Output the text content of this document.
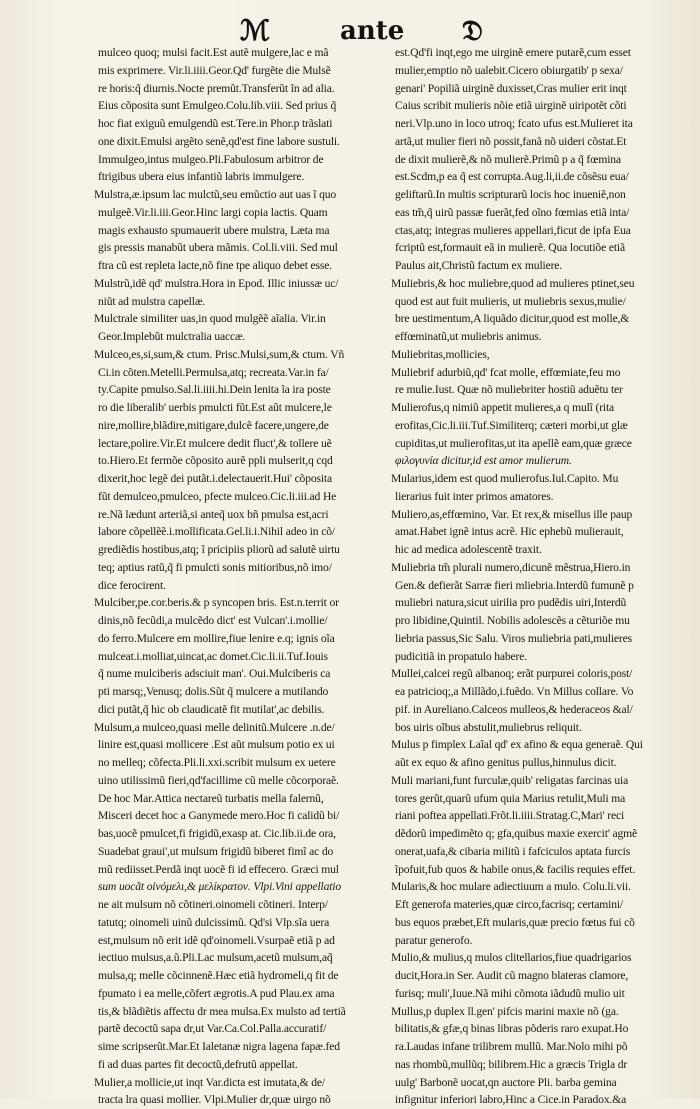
ℳ	ante 𝔇
mulceo quoq; mulsi facit.Est autẽ mulgere,lac e mã
mis exprimere. Vir.li.iiii.Geor.Qd' furgẽte die Mulsẽ
re horis:q̃ diurnis.Nocte premũt.Transferũt ĩn ad alia.
Eius cõposita sunt Emulgeo.Colu.lib.viii. Sed prius q̃
hoc fiat exiguũ emulgendũ est.Tere.in Phor.p trãslati
one dixit.Emulsi argẽto senẽ,qd'est fine labore sustuli.
Immulgeo,intus mulgeo.Pli.Fabulosum arbitror de
ftrigibus ubera eius infantiũ labris immulgere.
Mulstra,æ.ipsum lac mulctũ,seu emũctio aut uas ĩ quo
mulgeẽ.Vir.li.iii.Geor.Hinc largi copia lactis. Quam
magis exhausto spumauerit ubere mulstra, Læta ma
gis pressis manabũt ubera mãmis. Col.li.viii. Sed mul
ftra cũ est repleta lacte,nõ fine tpe aliquo debet esse.
Mulstrũ,idẽ qd' mulstra.Hora in Epod. Illic iniussæ uc/
niũt ad mulstra capellæ.
Mulctrale similiter uas,in quod mulgẽẽ aĩalia. Vir.in
Geor.Implebũt mulctralia uaccæ.
Mulceo,es,si,sum,& ctum. Prisc.Mulsi,sum,& ctum. Vñ
Ci.in cõten.Metelli.Permulsa,atq; recreata.Var.in fa/
ty.Capite pmulso.Sal.li.iiii.hi.Dein lenita ĩa ira poste
ro die liberalib' uerbis pmulcti fũt.Est aũt mulcere,le
nire,mollire,blãdire,mitigare,dulcẽ facere,ungere,de
lectare,polire.Vir.Et mulcere dedit fluct',& tollere uẽ
to.Hiero.Et fermõe cõposito aurẽ ppli mulserit,q cqd
dixerit,hoc legẽ dei putãt.i.delectauerit.Hui' cõposita
fũt demulceo,pmulceo, pfecte mulceo.Cic.li.iii.ad He
re.Nã lædunt arteriã,si anteq̃ uox bñ pmulsa est,acri
labore cõpellẽẽ.i.mollificata.Gel.li.i.Nihil adeo in cõ/
grediẽdis hostibus,atq; ĩ pricipiis pliorũ ad salutẽ uirtu
teq; aptius ratũ,q̃ fi pmulcti sonis mitioribus,nõ imo/
dice ferocirent.
Mulciber,pe.cor.beris.& p syncopen bris. Est.n.territ or
dinis,nõ fecũdi,a mulcẽdo dict' est Vulcan'.i.mollie/
do ferro.Mulcere em mollire,fiue lenire e.q; ignis oĩa
mulceat.i.molliat,uincat,ac domet.Cic.li.ii.Tuf.Iouis
q̃ nume mulciberis adsciuit man'. Oui.Mulciberis ca
pti marsq;,Venusq; dolis.Sũt q̃ mulcere a mutilando
dici putãt,q̃ hic ob claudicatẽ fit mutilat',ac debilis.
Mulsum,a mulceo,quasi melle delinitũ.Mulcere .n.de/
linire est,quasi mollicere .Est aũt mulsum potio ex ui
no melleq; cõfecta.Pli.li.xxi.scribit mulsum ex uetere
uino utilissimũ fieri,qd'facillime cũ melle cõcorporaẽ.
De hoc Mar.Attica nectareũ turbatis mella falernũ,
Misceri decet hoc a Ganymede mero.Hoc fi calidũ bi/
bas,uocẽ pmulcet,fi frigidũ,exasp at. Cic.lib.ii.de ora,
Suadebat graui',ut mulsum frigidũ biberet fimĩ ac do
mũ rediisset.Perdã inqt uocẽ fi id effecero. Græci mul
sum uocãt οἰνόμελι,& μελίκρατον. Vlpi.Vini appellatio
ne ait mulsum nõ cõtineri.oinomeli cõtineri. Interp/
tatutq; oinomeli uinũ dulcissimũ. Qd'si Vlp.sĩa uera
est,mulsum nõ erit idẽ qd'oinomeli.Vsurpaẽ etiã p ad
iectiuo mulsus,a.ũ.Pli.Lac mulsum,acetũ mulsum,aq̃
mulsa,q; melle cõcinnenẽ.Hæc etiã hydromeli,q fit de
fpumato i ea melle,cõfert ægrotis.A pud Plau.ex ama
tis,& blãdiẽtis affectu dr mea mulsa.Ex mulsto ad tertiã
partẽ decoctũ sapa dr,ut Var.Ca.Col.Palla.accuratif/
sime scripserũt.Mar.Et Ialetanæ nigra lagena fapæ.fed
fi ad duas partes fit decoctũ,defrutũ appellat.
Mulier,a mollicie,ut inqt Var.dicta est imutata,& de/
tracta lra quasi mollier. Vlpi.Mulier dr,quæ uirgo nõ
est.Qd'fi inqt,ego me uirginẽ emere putarẽ,cum esset
mulier,emptio nõ ualebit.Cicero obiurgatib' p sexa/
genari' Popiliã uirginẽ duxisset,Cras mulier erit inqt
Caius scribit mulieris nõie etiã uirginẽ uiripotẽt cõti
neri.Vlp.uno in loco utroq; fcato ufus est.Mulieret ita
artã,ut mulier fieri nõ possit,fanã nõ uideri cõstat.Et
de dixit mulierẽ,& nõ mulierẽ.Primũ p a q̃ fœmina
est.Scdm,p ea q̃ est corrupta.Aug.li,ii.de cõsẽsu eua/
geliftarũ.In multis scripturarũ locis hoc inueniẽ,non
eas tm̃,q̃ uirũ passæ fuerãt,fed oĩno fœmias etiã inta/
ctas,atq; integras mulieres appellari,ficut de ipfa Eua
fcriptũ est,formauit eã in mulierẽ. Qua locutiõe etiã
Paulus ait,Christũ factum ex muliere.
Muliebris,& hoc muliebre,quod ad mulieres ptinet,seu
quod est aut fuit mulieris, ut muliebris sexus,mulie/
bre uestimentum,A liquãdo dicitur,quod est molle,&
effœminatũ,ut muliebris animus.
Muliebritas,mollicies,
Muliebrif adurbiũ,qd' fcat molle, effœmiate,feu mo
re mulie.Iust. Quæ nõ muliebriter hostiũ aduẽtu ter
Mulierofus,q nimiũ appetit mulieres,a q mulĩ (rita
erofitas,Cic.li.iii.Tuf.Similiterq; cæteri morbi,ut glæ
cupiditas,ut mulierofitas,ut ita apellẽ eam,quæ græce
φιλογυνία dicitur,id est amor mulierum.
Mularius,idem est quod mulierofus.Iul.Capito. Mu
lierarius fuit inter primos amatores.
Muliero,as,effœmino, Var. Et rex,& misellus ille paup
amat.Habet ignẽ intus acrẽ. Hic ephebũ mulierauit,
hic ad medica adolescentẽ traxit.
Muliebria tm̃ plurali numero,dicunẽ mẽstrua,Hiero.in
Gen.& defierãt Sarræ fieri mliebria.Interdũ fumunẽ p
muliebri natura,sicut uirilia pro pudẽdis uiri,Interdũ
pro libidine,Quintil. Nobilis adolescẽs a cẽturiõe mu
liebria passus,Sic Salu. Viros muliebria pati,mulieres
pudicitiã in propatulo habere.
Mullei,calcei regũ albanoq; erãt purpurei coloris,post/
ea patricioq;,a Millãdo,i.fuẽdo. Vn Millus collare. Vo
pif. in Aureliano.Calceos mulleos,& hederaceos &al/
bos uiris oĩbus abstulit,muliebrus reliquit.
Mulus p fimplex Laĩal qd' ex afino & equa generaẽ. Qui
aũt ex equo & afino genitus pullus,hinnulus dicit.
Muli mariani,funt furculæ,quib' religatas farcinas uia
tores gerũt,quarũ ufum quia Marius retulit,Muli ma
riani poftea appellati.Frõt.li.iiii.Stratag.C,Mari' reci
dẽdorũ impedimẽto q; gfa,quibus maxie exercit' agmẽ
onerat,uafa,& cibaria militũ i fafciculos aptata furcis
ĩpofuit,fub quos & habile onus,& facilis requies effet.
Mularis,& hoc mulare adiectiuum a mulo. Colu.li.vii.
Eft generofa materies,quæ circo,facrisq; certamini/
bus equos præbet,Eft mularis,quæ precio fœtus fui cõ
paratur generofo.
Mulio,& mulius,q mulos clitellarios,fiue quadrigarios
ducit,Hora.in Ser. Audit cũ magno blateras clamore,
furisq; muli',Iuue.Nã mihi cõmota iãdudũ mulio uit
Mullus,p duplex ll.gen' pifcis marini maxie nõ (ga.
bilitatis,& gfæ,q binas libras põderis raro exupat.Ho
ra.Laudas infane trilibrem mullũ. Mar.Nolo mihi põ
nas rhombũ,mullũq; bilibrem.Hic a græcis Trigla dr
uulg' Barbonẽ uocat,qn auctore Pli. barba gemina
infignitur inferiori labro,Hinc a Cice.in Paradox.&a
